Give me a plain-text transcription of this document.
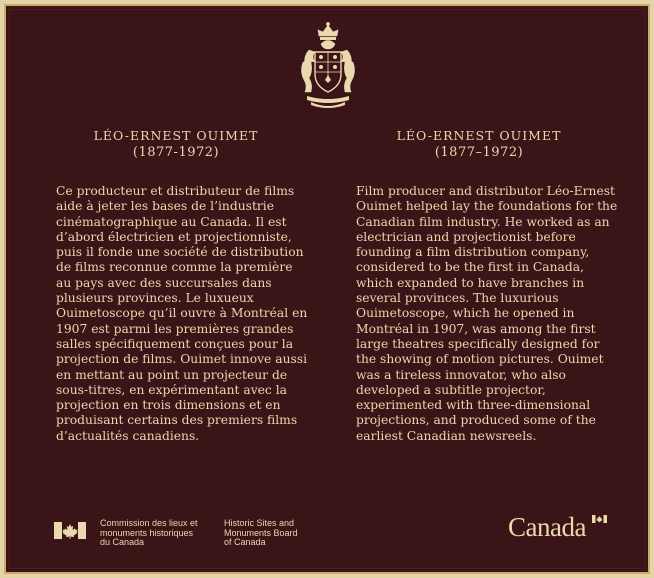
LÉO-ERNEST OUIMET
(1877-1972)
LÉO-ERNEST OUIMET
(1877–1972)
Ce producteur et distributeur de films aide à jeter les bases de l’industrie cinématographique au Canada. Il est d’abord électricien et projectionniste, puis il fonde une société de distribution de films reconnue comme la première au pays avec des succursales dans plusieurs provinces. Le luxueux Ouimetoscope qu’il ouvre à Montréal en 1907 est parmi les premières grandes salles spécifiquement conçues pour la projection de films. Ouimet innove aussi en mettant au point un projecteur de sous-titres, en expérimentant avec la projection en trois dimensions et en produisant certains des premiers films d’actualités canadiens.
Film producer and distributor Léo-Ernest Ouimet helped lay the foundations for the Canadian film industry. He worked as an electrician and projectionist before founding a film distribution company, considered to be the first in Canada, which expanded to have branches in several provinces. The luxurious Ouimetoscope, which he opened in Montréal in 1907, was among the first large theatres specifically designed for the showing of motion pictures. Ouimet was a tireless innovator, who also developed a subtitle projector, experimented with three-dimensional projections, and produced some of the earliest Canadian newsreels.
Commission des lieux et
monuments historiques
du Canada
Historic Sites and
Monuments Board
of Canada	Canada
